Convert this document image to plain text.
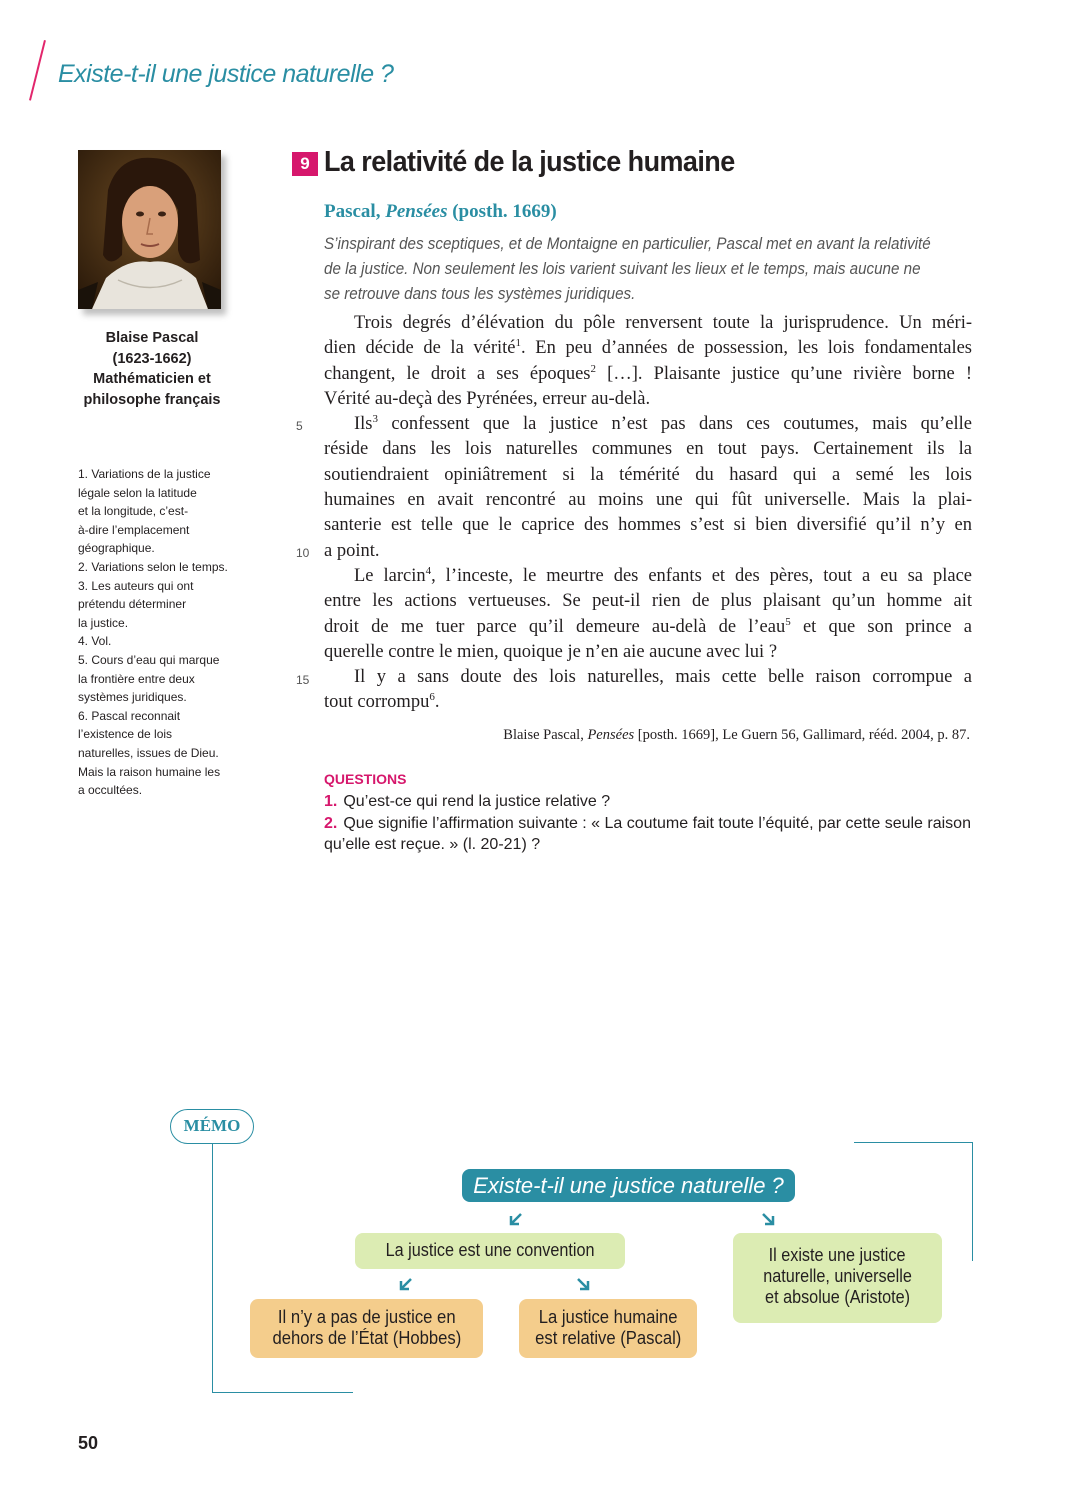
Existe-t-il une justice naturelle ?
Blaise Pascal
(1623-1662)
Mathématicien et
philosophe français
1. Variations de la justice
légale selon la latitude
et la longitude, c’est-
à-dire l’emplacement
géographique.
2. Variations selon le temps.
3. Les auteurs qui ont
prétendu déterminer
la justice.
4. Vol.
5. Cours d’eau qui marque
la frontière entre deux
systèmes juridiques.
6. Pascal reconnait
l’existence de lois
naturelles, issues de Dieu.
Mais la raison humaine les
a occultées.
9 La relativité de la justice humaine
Pascal, Pensées (posth. 1669)
S’inspirant des sceptiques, et de Montaigne en particulier, Pascal met en avant la relativité
de la justice. Non seulement les lois varient suivant les lieux et le temps, mais aucune ne
se retrouve dans tous les systèmes juridiques.
Trois degrés d’élévation du pôle renversent toute la jurisprudence. Un méri-
dien décide de la vérité$^1$. En peu d’années de possession, les lois fondamentales
changent, le droit a ses époques$^2$ […]. Plaisante justice qu’une rivière borne !
Vérité au-deçà des Pyrénées, erreur au-delà.
Ils$^3$ confessent que la justice n’est pas dans ces coutumes, mais qu’elle
réside dans les lois naturelles communes en tout pays. Certainement ils la
soutiendraient opiniâtrement si la témérité du hasard qui a semé les lois
humaines en avait rencontré au moins une qui fût universelle. Mais la plai-
santerie est telle que le caprice des hommes s’est si bien diversifié qu’il n’y en
a point.
Le larcin$^4$, l’inceste, le meurtre des enfants et des pères, tout a eu sa place
entre les actions vertueuses. Se peut-il rien de plus plaisant qu’un homme ait
droit de me tuer parce qu’il demeure au-delà de l’eau$^5$ et que son prince a
querelle contre le mien, quoique je n’en aie aucune avec lui ?
Il y a sans doute des lois naturelles, mais cette belle raison corrompue a
tout corrompu$^6$.
5
10
15
Blaise Pascal, Pensées [posth. 1669], Le Guern 56, Gallimard, rééd. 2004, p. 87.
QUESTIONS
1. Qu’est-ce qui rend la justice relative ?
2. Que signifie l’affirmation suivante : « La coutume fait toute l’équité, par cette seule raison qu’elle est reçue. » (l. 20-21) ?
MÉMO
Existe-t-il une justice naturelle ?
La justice est une convention	Il existe une justice
naturelle, universelle
et absolue (Aristote)
Il n’y a pas de justice en
dehors de l’État (Hobbes)
La justice humaine
est relative (Pascal)
50
